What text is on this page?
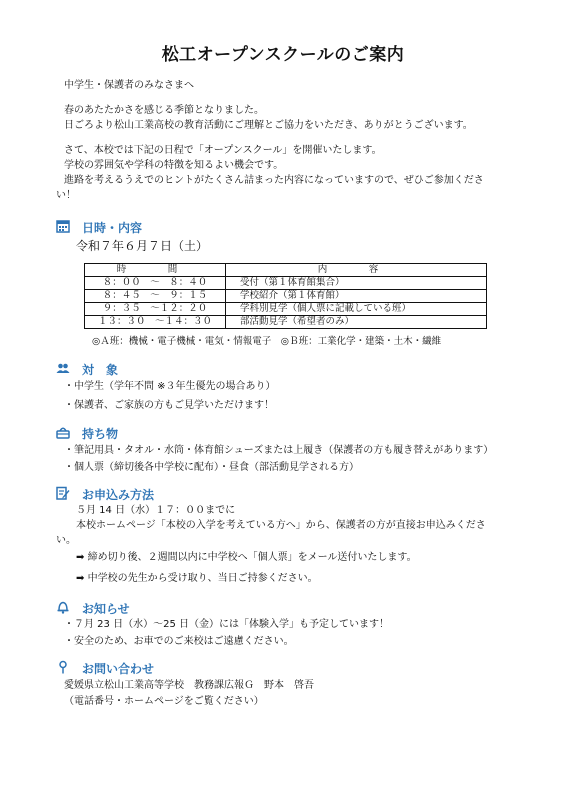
松工オープンスクールのご案内
中学生・保護者のみなさまへ
春のあたたかさを感じる季節となりました。
日ごろより松山工業高校の教育活動にご理解とご協力をいただき、ありがとうございます。
さて、本校では下記の日程で「オープンスクール」を開催いたします。
学校の雰囲気や学科の特徴を知るよい機会です。
進路を考えるうえでのヒントがたくさん詰まった内容になっていますので、ぜひご参加くださ
い！
日時・内容
令和７年６月７日（土）
時　間	内　容
８：００　～　８：４０	受付（第１体育館集合）
８：４５　～　９：１５	学校紹介（第１体育館）
９：３５　～１２：２０	学科別見学（個人票に記載している班）
１３：３０　～１４：３０	部活動見学（希望者のみ）
◎Ａ班：機械・電子機械・電気・情報電子　◎Ｂ班：工業化学・建築・土木・繊維
対　象
・中学生（学年不問 ※３年生優先の場合あり）
・保護者、ご家族の方もご見学いただけます！
持ち物
・筆記用具・タオル・水筒・体育館シューズまたは上履き（保護者の方も履き替えがあります）
・個人票（締切後各中学校に配布）・昼食（部活動見学される方）
お申込み方法
５月 14 日（水）１７：００までに
本校ホームページ「本校の入学を考えている方へ」から、保護者の方が直接お申込みくださ
い。
➡ 締め切り後、２週間以内に中学校へ「個人票」をメール送付いたします。
➡ 中学校の先生から受け取り、当日ご持参ください。
お知らせ
・７月 23 日（水）～25 日（金）には「体験入学」も予定しています！
・安全のため、お車でのご来校はご遠慮ください。
お問い合わせ
愛媛県立松山工業高等学校　教務課広報Ｇ　野本　啓吾
（電話番号・ホームページをご覧ください）
